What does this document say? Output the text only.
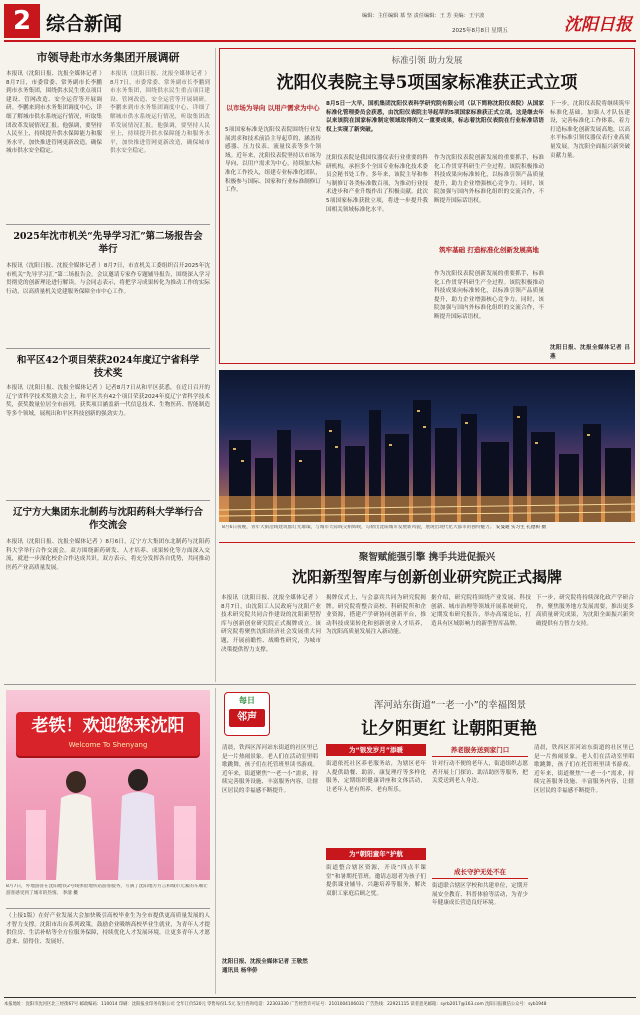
2 综合新闻	编辑：主任编辑 慕 坚 责任编辑：王 芳 美编：王宇波
2025年8月8日 星期五	沈阳日报
市领导赴市水务集团开展调研
本报讯（沈阳日报、沈报全媒体记者 ）8月7日，市委常委、常务副市长李鹏到市水务集团，围绕供水民生重点项目建设、管网改造、安全运营等开展调研。李鹏来到市水务集团调度中心，详细了解城市供水系统运行情况，听取集团改革发展情况汇报。他强调，要坚持人民至上，持续提升供水保障能力和服务水平，加快推进管网更新改造，确保城市供水安全稳定。
本报讯（沈阳日报、沈报全媒体记者 ）8月7日，市委常委、常务副市长李鹏到市水务集团，围绕供水民生重点项目建设、管网改造、安全运营等开展调研。李鹏来到市水务集团调度中心，详细了解城市供水系统运行情况，听取集团改革发展情况汇报。他强调，要坚持人民至上，持续提升供水保障能力和服务水平，加快推进管网更新改造，确保城市供水安全稳定。
2025年沈市机关“先导学习汇”第二场报告会举行
本报讯（沈阳日报、沈报全媒体记者 ）8月7日，市直机关工委组织召开2025年沈市机关“先导学习汇”第二场报告会。会议邀请专家作专题辅导报告，围绕深入学习贯彻党的创新理论进行解读。与会同志表示，将把学习成果转化为推动工作的实际行动，以高质量机关党建服务保障全市中心工作。
和平区42个项目荣获2024年度辽宁省科学技术奖
本报讯（沈阳日报、沈报全媒体记者 ）记者8月7日从和平区获悉，在近日召开的辽宁省科学技术奖励大会上，和平区共有42个项目荣获2024年度辽宁省科学技术奖，获奖数量位居全市前列。获奖项目涵盖新一代信息技术、生物医药、智能制造等多个领域，展现出和平区科技创新的强劲实力。
辽宁方大集团东北制药与沈阳药科大学举行合作交流会
本报讯（沈阳日报、沈报全媒体记者 ）8月6日，辽宁方大集团东北制药与沈阳药科大学举行合作交流会。双方围绕新药研发、人才培养、成果转化等方面深入交流，就进一步深化校企合作达成共识。双方表示，将充分发挥各自优势，共同推动医药产业高质量发展。
标准引领 助力发展
沈阳仪表院主导5项国家标准获正式立项
8月5日一大早，国机集团沈阳仪表科学研究院有限公司（以下简称沈阳仪表院）从国家标准化管理委员会获悉，由沈阳仪表院主导起草的5项国家标准获正式立项。这是继去年以来该院在国家标准制定领域取得的又一重要成果，标志着沈阳仪表院在行业标准话语权上实现了新突破。
以市场为导向 以用户需求为中心
5项国家标准是沈阳仪表院围绕行业发展需求和技术前沿主导起草的，涵盖传感器、压力仪表、流量仪表等多个领域。近年来，沈阳仪表院坚持以市场为导向、以用户需求为中心，持续加大标准化工作投入，组建专业标准化团队，积极参与国际、国家和行业标准制修订工作。
沈阳仪表院是我国仪器仪表行业重要的科研机构，承担多个全国专业标准化技术委员会秘书处工作。多年来，该院主导和参与制修订各类标准数百项，为推动行业技术进步和产业升级作出了积极贡献。此次5项国家标准获批立项，将进一步提升我国相关领域标准化水平。
作为沈阳仪表院创新发展的重要抓手，标准化工作贯穿科研生产全过程。该院积极推动科技成果向标准转化，以标准引领产品质量提升，助力企业增强核心竞争力。同时，该院加强与国内外标准化组织的交流合作，不断提升国际话语权。
筑牢基础 打造标准化创新发展高地
作为沈阳仪表院创新发展的重要抓手，标准化工作贯穿科研生产全过程。该院积极推动科技成果向标准转化，以标准引领产品质量提升，助力企业增强核心竞争力。同时，该院加强与国内外标准化组织的交流合作，不断提升国际话语权。
下一步，沈阳仪表院将继续筑牢标准化基础，加强人才队伍建设，完善标准化工作体系，着力打造标准化创新发展高地，以高水平标准引领仪器仪表行业高质量发展，为沈阳全面振兴新突破贡献力量。
沈阳日报、沈报全媒体记者 吕 燕
8月6日夜晚，青年大街沿线建筑群灯光璀璨，与城市天际线交相辉映，勾勒出沈阳城市发展新风貌，展现出现代化大都市的独特魅力。 安曼通 实习生 孔德祺 摄
聚智赋能强引擎 携手共进促振兴
沈阳新型智库与创新创业研究院正式揭牌
本报讯（沈阳日报、沈报全媒体记者 ）8月7日，由沈阳工人民政府与沈阳产业技术研究院共同合作建设的沈阳新型智库与创新创业研究院正式揭牌成立。该研究院将聚焦沈阳经济社会发展重大问题，开展前瞻性、战略性研究，为城市决策提供智力支撑。
揭牌仪式上，与会嘉宾共同为研究院揭牌。研究院将整合高校、科研院所和企业资源，搭建产学研协同创新平台，推动科技成果转化和创新创业人才培养，为沈阳高质量发展注入新动能。
据介绍，研究院将围绕产业发展、科技创新、城市治理等领域开展系统研究，定期发布研究报告，举办高端论坛，打造具有区域影响力的新型智库品牌。
下一步，研究院将持续深化政产学研合作，聚焦服务地方发展需要，推出更多高质量研究成果，为沈阳全面振兴新突破提供有力智力支持。
老铁！欢迎您来沈阳
Welcome To Shenyang
8月7日，外地游客在沈阳地铁2号线体验地铁站游客服务，写满了沈阳地方方言和城市元素的车厢让游客感受到了城市的热情。 李清 摄
（上接1版）在好产业发展大会加快吸引高校毕业生为全市提供更高质量发展的人才智力支撑。沈阳市出台系列政策，鼓励企业吸纳高校毕业生就业，为青年人才提供住房、生活补贴等全方位服务保障，持续优化人才发展环境，让更多青年人才愿意来、留得住、发展好。
每日
邻声
浑河站东街道“一老一小”的幸福图景
让夕阳更红 让朝阳更艳
清晨，铁西区浑河站东街道的社区里已是一片热闹景象。老人们在活动室里唱歌跳舞，孩子们在托管班里读书游戏。近年来，街道聚焦“一老一小”需求，持续完善服务设施、丰富服务内容，让辖区居民的幸福感不断提升。
沈阳日报、沈报全媒体记者 王敬然
通讯员 杨华侨
为“银发岁月”添暖
街道依托社区养老服务站，为辖区老年人提供助餐、助浴、康复理疗等多样化服务，定期组织健康讲座和文体活动，让老年人老有所养、老有所乐。
为“朝阳童年”护航
街道整合辖区资源，开设“四点半课堂”和暑期托管班，邀请志愿者为孩子们提供课业辅导、兴趣培养等服务，解决双职工家庭后顾之忧。
养老服务送到家门口
针对行动不便的老年人，街道组织志愿者开展上门探访、助洁助医等服务，把关爱送到老人身边。
成长守护无处不在
街道联合辖区学校和共建单位，定期开展安全教育、科普体验等活动，为青少年健康成长营造良好环境。
清晨，铁西区浑河站东街道的社区里已是一片热闹景象。老人们在活动室里唱歌跳舞，孩子们在托管班里读书游戏。近年来，街道聚焦“一老一小”需求，持续完善服务设施、丰富服务内容，让辖区居民的幸福感不断提升。
本报地址：沈阳市沈河区北三经街67号 邮政编码：110014 印刷：沈阳报业印务有限公司 全年订价520元 零售每份1.5元 发行咨询电话：22303330 广告经营许可证号：2101004106031 广告热线：22921115 读者意见邮箱：syrb2017@163.com 沈阳日报微信公众号：syb1948
